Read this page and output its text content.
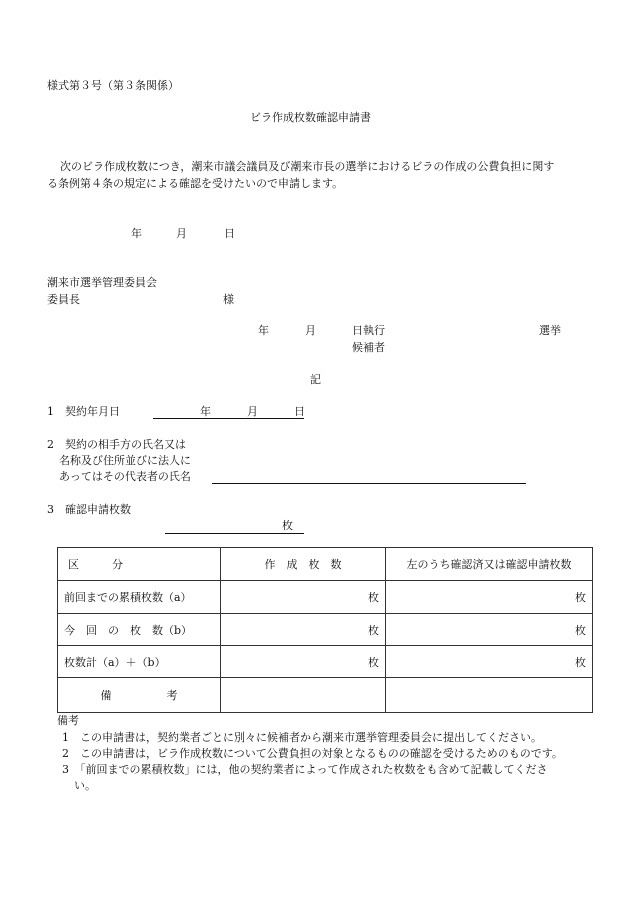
様式第３号（第３条関係）
ビラ作成枚数確認申請書
次のビラ作成枚数につき，潮来市議会議員及び潮来市長の選挙におけるビラの作成の公費負担に関す
る条例第４条の規定による確認を受けたいので申請します。
年	月	日
潮来市選挙管理委員会
委員長	様
年	月	日執行	選挙
候補者
記
1　契約年月日	年	月	日
2　契約の相手方の氏名又は
名称及び住所並びに法人に
あってはその代表者の氏名
3　確認申請枚数
枚
区　　　分	作　成　枚　数	左のうち確認済又は確認申請枚数
前回までの累積枚数（a）	枚	枚
今　回　の　枚　数（b）	枚	枚
枚数計（a）＋（b）	枚	枚
備　　　　　考		
備考
1　この申請書は，契約業者ごとに別々に候補者から潮来市選挙管理委員会に提出してください。
2　この申請書は，ビラ作成枚数について公費負担の対象となるものの確認を受けるためのものです。
3　「前回までの累積枚数」には，他の契約業者によって作成された枚数をも含めて記載してくださ
い。
